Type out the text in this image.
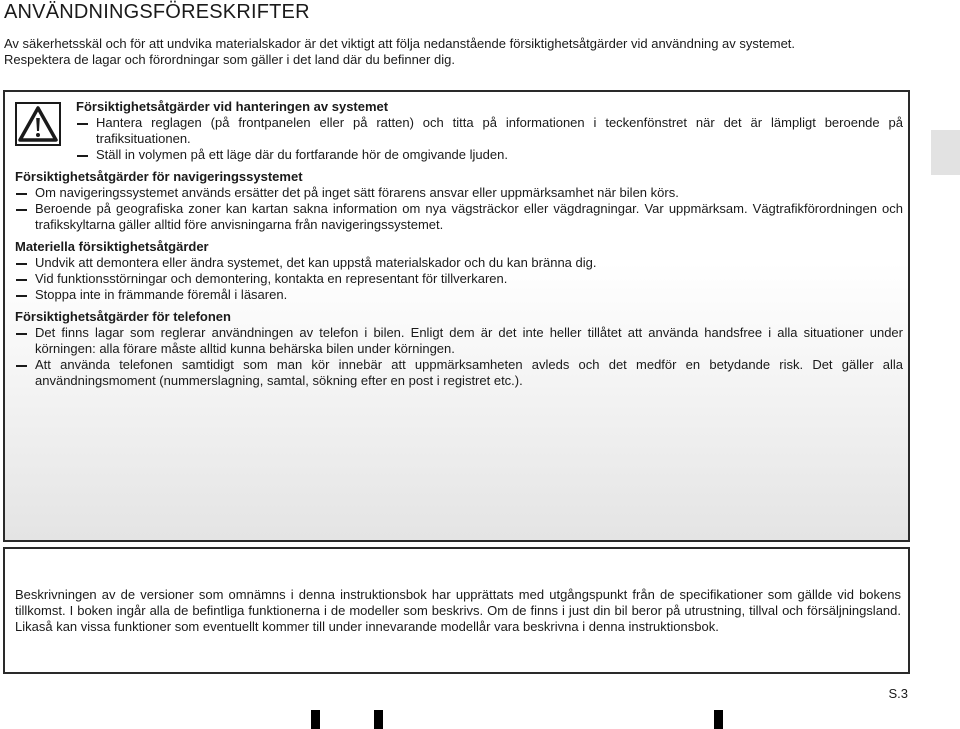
ANVÄNDNINGSFÖRESKRIFTER
Av säkerhetsskäl och för att undvika materialskador är det viktigt att följa nedanstående försiktighetsåtgärder vid användning av systemet.
Respektera de lagar och förordningar som gäller i det land där du befinner dig.

Försiktighetsåtgärder vid hanteringen av systemet

Hantera reglagen (på frontpanelen eller på ratten) och titta på informationen i teckenfönstret när det är lämpligt beroende på trafiksituationen.
Ställ in volymen på ett läge där du fortfarande hör de omgivande ljuden.

Försiktighetsåtgärder för navigeringssystemet

Om navigeringssystemet används ersätter det på inget sätt förarens ansvar eller uppmärksamhet när bilen körs.
Beroende på geografiska zoner kan kartan sakna information om nya vägsträckor eller vägdragningar. Var uppmärksam. Vägtrafikförordningen och trafikskyltarna gäller alltid före anvisningarna från navigeringssystemet.

Materiella försiktighetsåtgärder

Undvik att demontera eller ändra systemet, det kan uppstå materialskador och du kan bränna dig.
Vid funktionsstörningar och demontering, kontakta en representant för tillverkaren.
Stoppa inte in främmande föremål i läsaren.

Försiktighetsåtgärder för telefonen

Det finns lagar som reglerar användningen av telefon i bilen. Enligt dem är det inte heller tillåtet att använda handsfree i alla situationer under körningen: alla förare måste alltid kunna behärska bilen under körningen.
Att använda telefonen samtidigt som man kör innebär att uppmärksamheten avleds och det medför en betydande risk. Det gäller alla användningsmoment (nummerslagning, samtal, sökning efter en post i registret etc.).
Beskrivningen av de versioner som omnämns i denna instruktionsbok har upprättats med utgångspunkt från de specifikationer som gällde vid bokens tillkomst. I boken ingår alla de befintliga funktionerna i de modeller som beskrivs. Om de finns i just din bil beror på utrustning, tillval och försäljningsland. Likaså kan vissa funktioner som eventuellt kommer till under innevarande modellår vara beskrivna i denna instruktionsbok.
S.3
